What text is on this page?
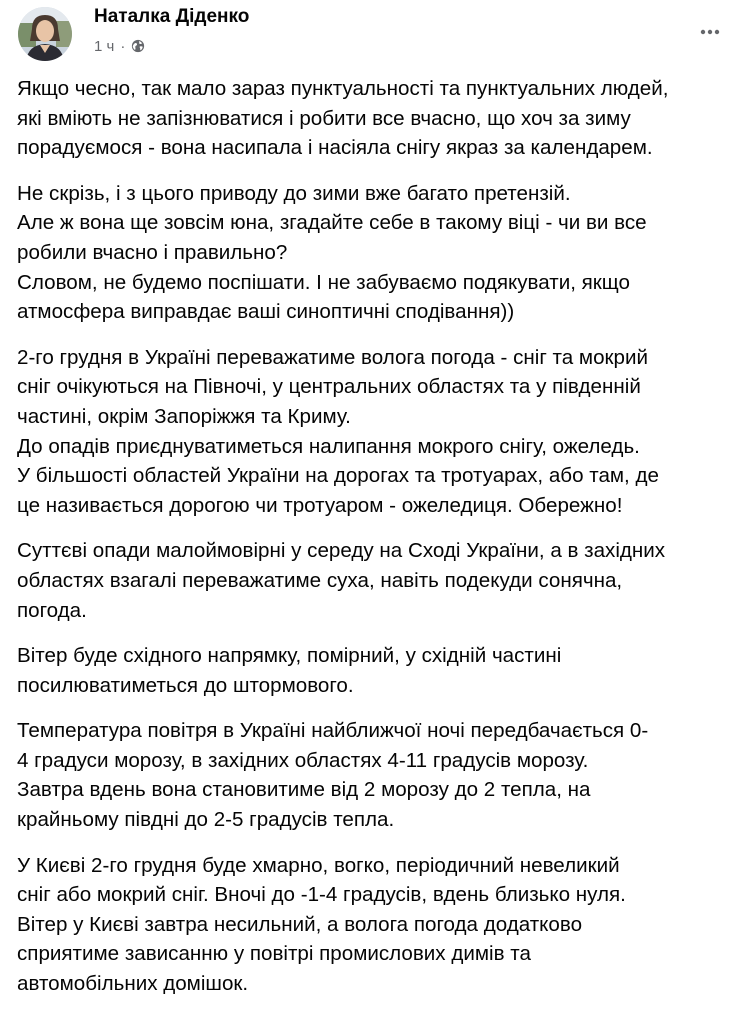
Наталка Діденко
1 ч ·

Якщо чесно, так мало зараз пунктуальності та пунктуальних людей,
які вміють не запізнюватися і робити все вчасно, що хоч за зиму
порадуємося - вона насипала і насіяла снігу якраз за календарем.

Не скрізь, і з цього приводу до зими вже багато претензій.
Але ж вона ще зовсім юна, згадайте себе в такому віці - чи ви все
робили вчасно і правильно?
Словом, не будемо поспішати. І не забуваємо подякувати, якщо
атмосфера виправдає ваші синоптичні сподівання))

2-го грудня в Україні переважатиме волога погода - сніг та мокрий
сніг очікуються на Півночі, у центральних областях та у південній
частині, окрім Запоріжжя та Криму.
До опадів приєднуватиметься налипання мокрого снігу, ожеледь.
У більшості областей України на дорогах та тротуарах, або там, де
це називається дорогою чи тротуаром - ожеледиця. Обережно!

Суттєві опади малоймовірні у середу на Сході України, а в західних
областях взагалі переважатиме суха, навіть подекуди сонячна,
погода.

Вітер буде східного напрямку, помірний, у східній частині
посилюватиметься до штормового.

Температура повітря в Україні найближчої ночі передбачається 0-
4 градуси морозу, в західних областях 4-11 градусів морозу.
Завтра вдень вона становитиме від 2 морозу до 2 тепла, на
крайньому півдні до 2-5 градусів тепла.

У Києві 2-го грудня буде хмарно, вогко, періодичний невеликий
сніг або мокрий сніг. Вночі до -1-4 градусів, вдень близько нуля.
Вітер у Києві завтра несильний, а волога погода додатково
сприятиме зависанню у повітрі промислових димів та
автомобільних домішок.
